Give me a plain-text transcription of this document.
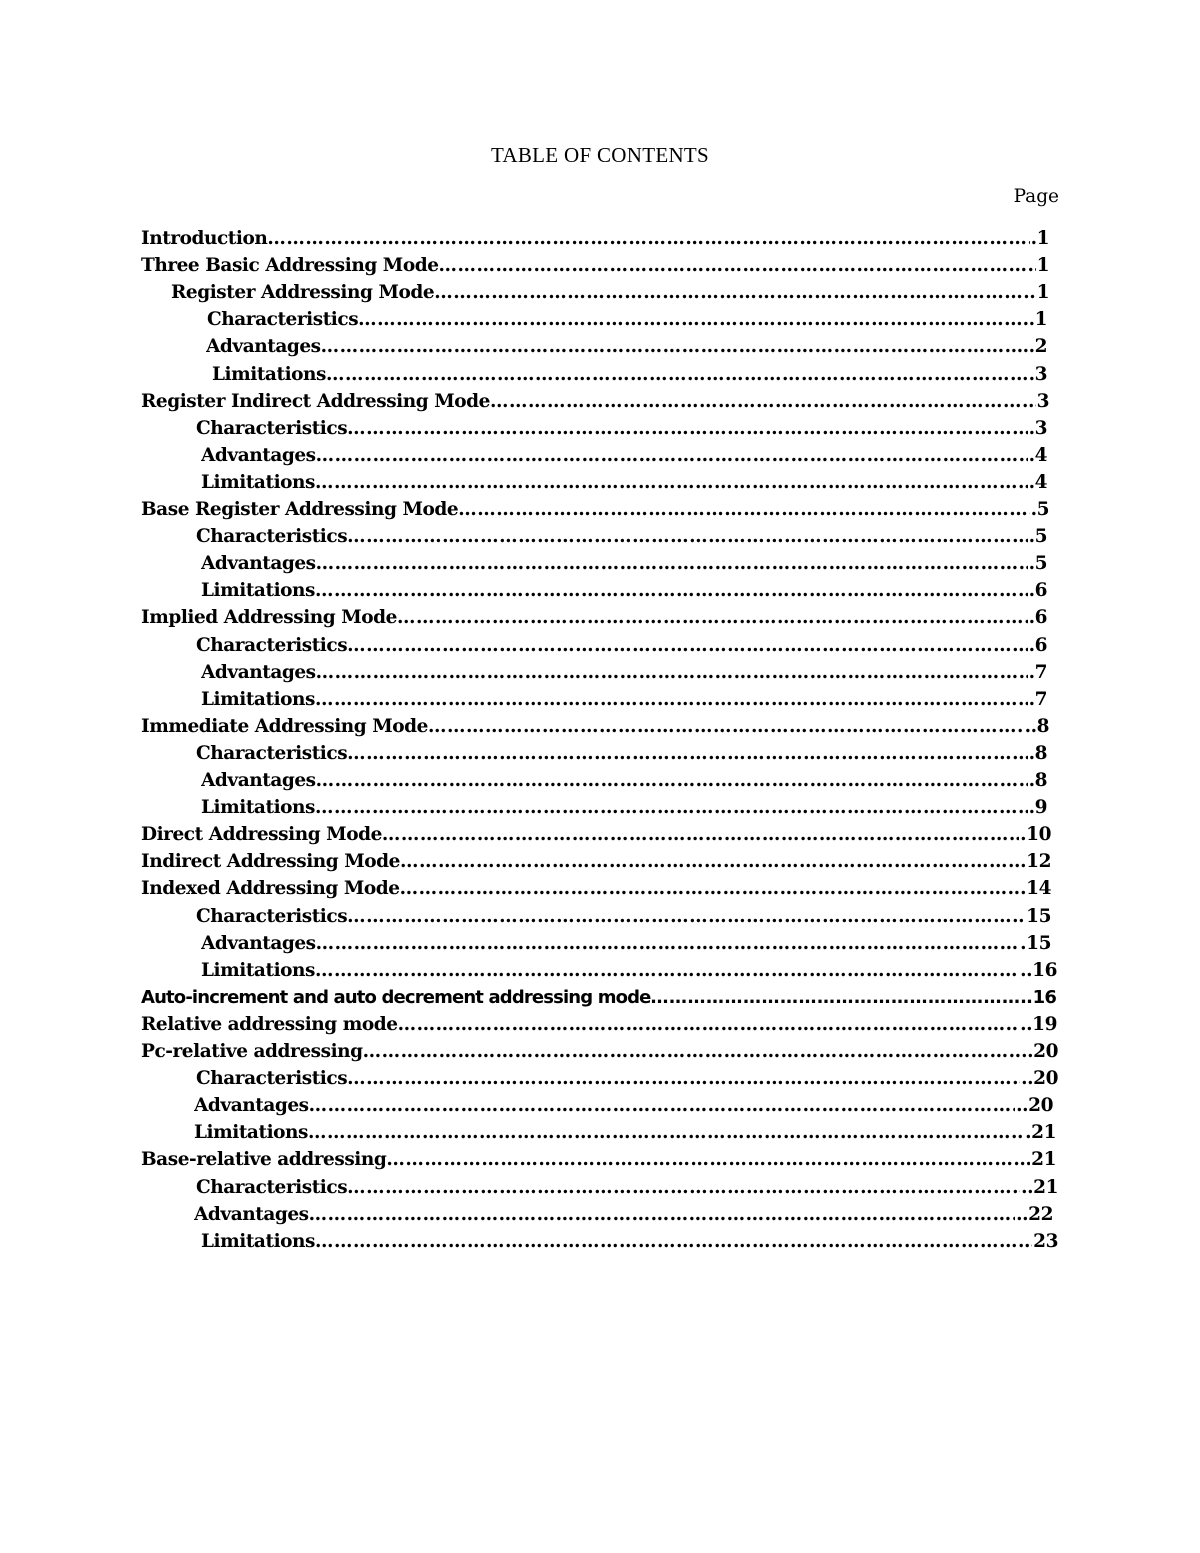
TABLE OF CONTENTS
Page
Introduction …………………………………………………………………………………………………………………………………………………………………………………………	.1
Three Basic Addressing Mode …………………………………………………………………………………………………………………………………………………………………………………………	1
Register Addressing Mode …………………………………………………………………………………………………………………………………………………………………………………………	1
Characteristics …………………………………………………………………………………………………………………………………………………………………………………………	..1
Advantages …………………………………………………………………………………………………………………………………………………………………………………………	..2
Limitations …………………………………………………………………………………………………………………………………………………………………………………………	.3
Register Indirect Addressing Mode …………………………………………………………………………………………………………………………………………………………………………………………	3
Characteristics …………………………………………………………………………………………………………………………………………………………………………………………	.3
Advantages …………………………………………………………………………………………………………………………………………………………………………………………	.4
Limitations …………………………………………………………………………………………………………………………………………………………………………………………	.4
Base Register Addressing Mode …………………………………………………………………………………………………………………………………………………………………………………………	.5
Characteristics …………………………………………………………………………………………………………………………………………………………………………………………	.5
Advantages …………………………………………………………………………………………………………………………………………………………………………………………	.5
Limitations …………………………………………………………………………………………………………………………………………………………………………………………	.6
Implied Addressing Mode …………………………………………………………………………………………………………………………………………………………………………………………	.6
Characteristics …………………………………………………………………………………………………………………………………………………………………………………………	.6
Advantages …………………………………………………………………………………………………………………………………………………………………………………………	.7
Limitations …………………………………………………………………………………………………………………………………………………………………………………………	.7
Immediate Addressing Mode …………………………………………………………………………………………………………………………………………………………………………………………	..8
Characteristics …………………………………………………………………………………………………………………………………………………………………………………………	.8
Advantages …………………………………………………………………………………………………………………………………………………………………………………………	.8
Limitations …………………………………………………………………………………………………………………………………………………………………………………………	.9
Direct Addressing Mode …………………………………………………………………………………………………………………………………………………………………………………………	.10
Indirect Addressing Mode …………………………………………………………………………………………………………………………………………………………………………………………	.12
Indexed Addressing Mode …………………………………………………………………………………………………………………………………………………………………………………………	.14
Characteristics …………………………………………………………………………………………………………………………………………………………………………………………	15
Advantages …………………………………………………………………………………………………………………………………………………………………………………………	.15
Limitations …………………………………………………………………………………………………………………………………………………………………………………………	..16
Auto-increment and auto decrement addressing mode …………………………………………………………………………………………………………………………………………………………………………………………	16
Relative addressing mode …………………………………………………………………………………………………………………………………………………………………………………………	..19
Pc-relative addressing …………………………………………………………………………………………………………………………………………………………………………………………	..20
Characteristics …………………………………………………………………………………………………………………………………………………………………………………………	..20
Advantages …………………………………………………………………………………………………………………………………………………………………………………………	..20
Limitations …………………………………………………………………………………………………………………………………………………………………………………………	.21
Base-relative addressing …………………………………………………………………………………………………………………………………………………………………………………………	21
Characteristics …………………………………………………………………………………………………………………………………………………………………………………………	..21
Advantages …………………………………………………………………………………………………………………………………………………………………………………………	..22
Limitations …………………………………………………………………………………………………………………………………………………………………………………………	23
